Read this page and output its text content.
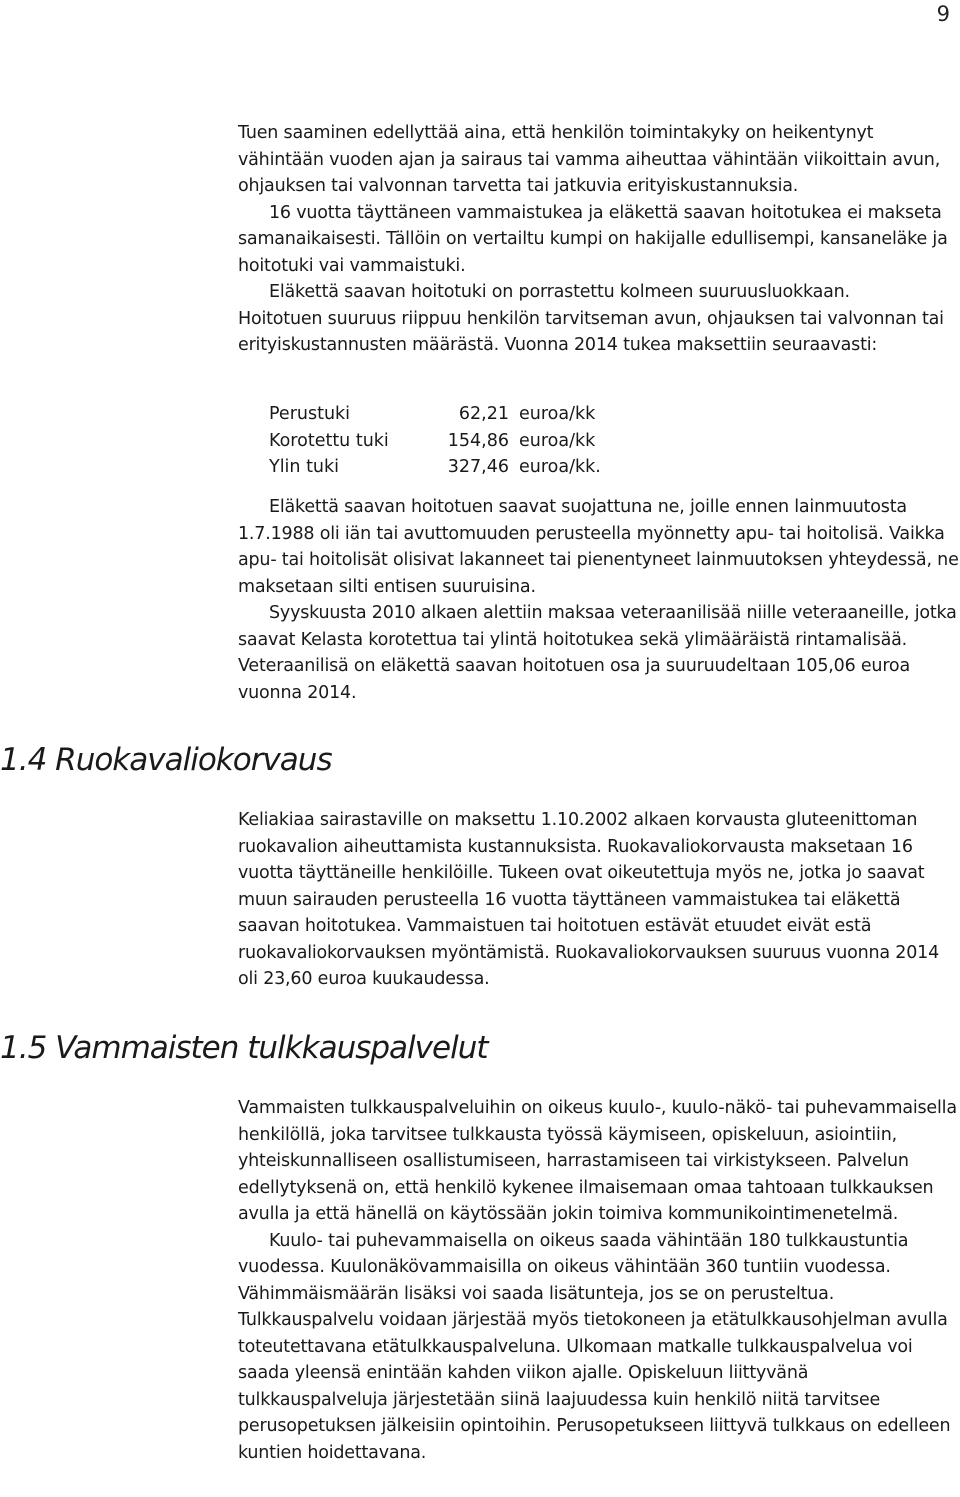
9

Tuen saaminen edellyttää aina, että henkilön toimintakyky on heikentynyt vähintään vuoden ajan ja sairaus tai vamma aiheuttaa vähintään viikoittain avun, ohjauksen tai valvonnan tarvetta tai jatkuvia erityiskustannuksia.

16 vuotta täyttäneen vammaistukea ja eläkettä saavan hoitotukea ei makseta samanaikaisesti. Tällöin on vertailtu kumpi on hakijalle edullisempi, kansaneläke ja hoitotuki vai vammaistuki.

Eläkettä saavan hoitotuki on porrastettu kolmeen suuruusluokkaan.

Hoitotuen suuruus riippuu henkilön tarvitseman avun, ohjauksen tai valvonnan tai erityiskustannusten määrästä. Vuonna 2014 tukea maksettiin seuraavasti:

Perustuki	62,21	euroa/kk
Korotettu tuki	154,86	euroa/kk
Ylin tuki	327,46	euroa/kk.

Eläkettä saavan hoitotuen saavat suojattuna ne, joille ennen lainmuutosta 1.7.1988 oli iän tai avuttomuuden perusteella myönnetty apu- tai hoitolisä. Vaikka apu- tai hoitolisät olisivat lakanneet tai pienentyneet lainmuutoksen yhteydessä, ne maksetaan silti entisen suuruisina.

Syyskuusta 2010 alkaen alettiin maksaa veteraanilisää niille veteraaneille, jotka saavat Kelasta korotettua tai ylintä hoitotukea sekä ylimääräistä rintamalisää. Veteraanilisä on eläkettä saavan hoitotuen osa ja suuruudeltaan 105,06 euroa vuonna 2014.

1.4 Ruokavaliokorvaus

Keliakiaa sairastaville on maksettu 1.10.2002 alkaen korvausta gluteenittoman ruokavalion aiheuttamista kustannuksista. Ruokavaliokorvausta maksetaan 16 vuotta täyttäneille henkilöille. Tukeen ovat oikeutettuja myös ne, jotka jo saavat muun sairauden perusteella 16 vuotta täyttäneen vammaistukea tai eläkettä saavan hoitotukea. Vammaistuen tai hoitotuen estävät etuudet eivät estä ruokavaliokorvauksen myöntämistä. Ruokavaliokorvauksen suuruus vuonna 2014 oli 23,60 euroa kuukaudessa.

1.5 Vammaisten tulkkauspalvelut

Vammaisten tulkkauspalveluihin on oikeus kuulo-, kuulo-näkö- tai puhevammaisella henkilöllä, joka tarvitsee tulkkausta työssä käymiseen, opiskeluun, asiointiin, yhteiskunnalliseen osallistumiseen, harrastamiseen tai virkistykseen. Palvelun edellytyksenä on, että henkilö kykenee ilmaisemaan omaa tahtoaan tulkkauksen avulla ja että hänellä on käytössään jokin toimiva kommunikointimenetelmä.

Kuulo- tai puhevammaisella on oikeus saada vähintään 180 tulkkaustuntia vuodessa. Kuulonäkövammaisilla on oikeus vähintään 360 tuntiin vuodessa. Vähimmäismäärän lisäksi voi saada lisätunteja, jos se on perusteltua. Tulkkauspalvelu voidaan järjestää myös tietokoneen ja etätulkkausohjelman avulla toteutettavana etätulkkauspalveluna. Ulkomaan matkalle tulkkauspalvelua voi saada yleensä enintään kahden viikon ajalle. Opiskeluun liittyvänä tulkkauspalveluja järjestetään siinä laajuudessa kuin henkilö niitä tarvitsee perusopetuksen jälkeisiin opintoihin. Perusopetukseen liittyvä tulkkaus on edelleen kuntien hoidettavana.
